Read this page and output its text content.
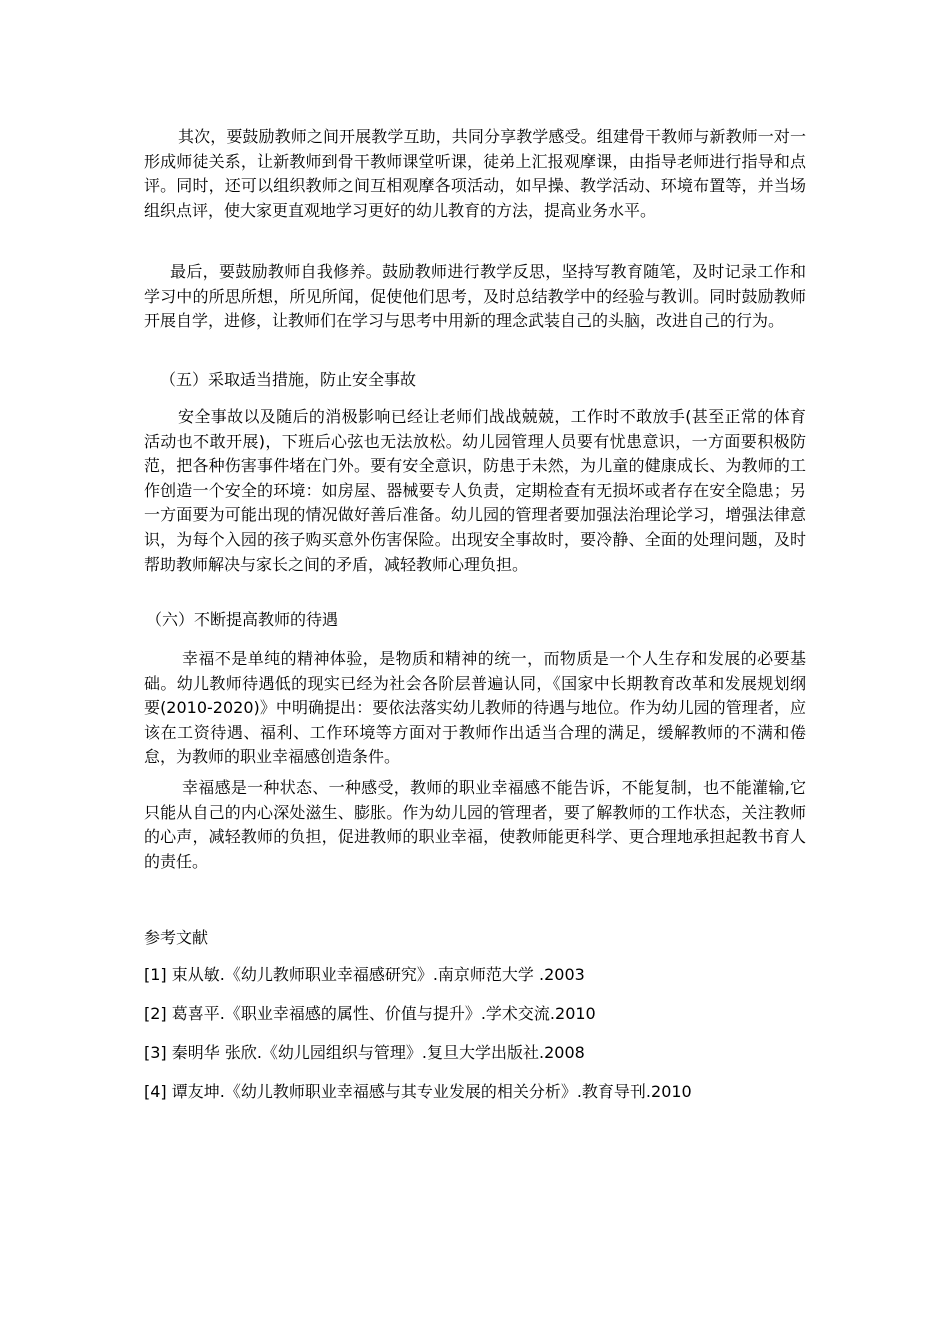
其次，要鼓励教师之间开展教学互助，共同分享教学感受。组建骨干教师与新教师一对一形成师徒关系，让新教师到骨干教师课堂听课，徒弟上汇报观摩课，由指导老师进行指导和点评。同时，还可以组织教师之间互相观摩各项活动，如早操、教学活动、环境布置等，并当场组织点评，使大家更直观地学习更好的幼儿教育的方法，提高业务水平。

最后，要鼓励教师自我修养。鼓励教师进行教学反思，坚持写教育随笔，及时记录工作和学习中的所思所想，所见所闻，促使他们思考，及时总结教学中的经验与教训。同时鼓励教师开展自学，进修，让教师们在学习与思考中用新的理念武装自己的头脑，改进自己的行为。

（五）采取适当措施，防止安全事故

安全事故以及随后的消极影响已经让老师们战战兢兢，工作时不敢放手(甚至正常的体育活动也不敢开展)，下班后心弦也无法放松。幼儿园管理人员要有忧患意识，一方面要积极防范，把各种伤害事件堵在门外。要有安全意识，防患于未然，为儿童的健康成长、为教师的工作创造一个安全的环境：如房屋、器械要专人负责，定期检查有无损坏或者存在安全隐患；另一方面要为可能出现的情况做好善后准备。幼儿园的管理者要加强法治理论学习，增强法律意识，为每个入园的孩子购买意外伤害保险。出现安全事故时，要冷静、全面的处理问题，及时帮助教师解决与家长之间的矛盾，减轻教师心理负担。

（六）不断提高教师的待遇

幸福不是单纯的精神体验，是物质和精神的统一，而物质是一个人生存和发展的必要基础。幼儿教师待遇低的现实已经为社会各阶层普遍认同，《国家中长期教育改革和发展规划纲要(2010-2020)》中明确提出：要依法落实幼儿教师的待遇与地位。作为幼儿园的管理者，应该在工资待遇、福利、工作环境等方面对于教师作出适当合理的满足，缓解教师的不满和倦怠，为教师的职业幸福感创造条件。

幸福感是一种状态、一种感受，教师的职业幸福感不能告诉，不能复制，也不能灌输,它只能从自己的内心深处滋生、膨胀。作为幼儿园的管理者，要了解教师的工作状态，关注教师的心声，减轻教师的负担，促进教师的职业幸福，使教师能更科学、更合理地承担起教书育人的责任。

参考文献

[1] 束从敏.《幼儿教师职业幸福感研究》.南京师范大学 .2003

[2] 葛喜平.《职业幸福感的属性、价值与提升》.学术交流.2010

[3] 秦明华 张欣.《幼儿园组织与管理》.复旦大学出版社.2008

[4] 谭友坤.《幼儿教师职业幸福感与其专业发展的相关分析》.教育导刊.2010
